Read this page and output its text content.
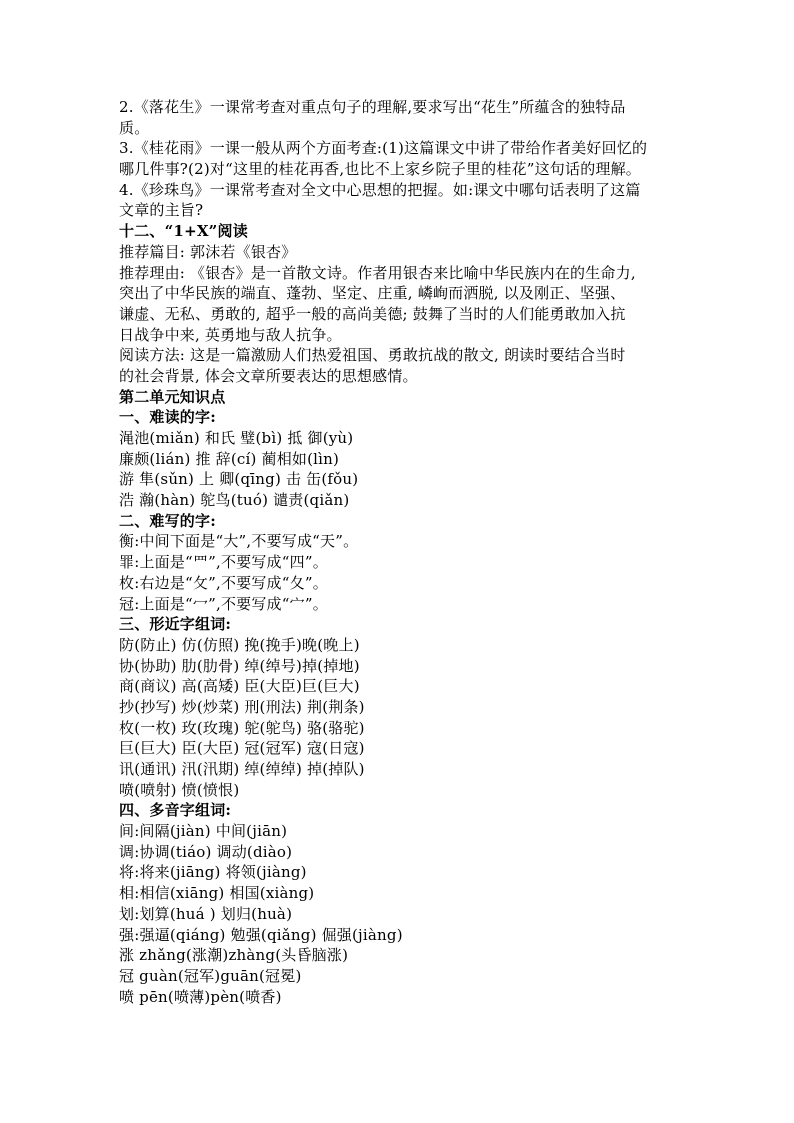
2.《落花生》一课常考查对重点句子的理解,要求写出“花生”所蕴含的独特品
质。
3.《桂花雨》一课一般从两个方面考查:(1)这篇课文中讲了带给作者美好回忆的
哪几件事?(2)对“这里的桂花再香,也比不上家乡院子里的桂花”这句话的理解。
4.《珍珠鸟》一课常考查对全文中心思想的把握。如:课文中哪句话表明了这篇
文章的主旨?
十二、“1+X”阅读
推荐篇目: 郭沫若《银杏》
推荐理由: 《银杏》是一首散文诗。作者用银杏来比喻中华民族内在的生命力,
突出了中华民族的端直、蓬勃、坚定、庄重, 嶙峋而洒脱, 以及刚正、坚强、
谦虚、无私、勇敢的, 超乎一般的高尚美德; 鼓舞了当时的人们能勇敢加入抗
日战争中来, 英勇地与敌人抗争。
阅读方法: 这是一篇激励人们热爱祖国、勇敢抗战的散文, 朗读时要结合当时
的社会背景, 体会文章所要表达的思想感情。
第二单元知识点
一、难读的字:
渑池(miǎn) 和氏 璧(bì) 抵 御(yù)
廉颇(lián) 推 辞(cí) 蔺相如(lìn)
游 隼(sǔn) 上 卿(qīng) 击 缶(fǒu)
浩 瀚(hàn) 鸵鸟(tuó) 谴责(qiǎn)
二、难写的字:
衡:中间下面是“大”,不要写成“天”。
罪:上面是“罒”,不要写成“四”。
枚:右边是“攵”,不要写成“夂”。
冠:上面是“冖”,不要写成“宀”。
三、形近字组词:
防(防止) 仿(仿照) 挽(挽手)晚(晚上)
协(协助) 肋(肋骨) 绰(绰号)掉(掉地)
商(商议) 高(高矮) 臣(大臣)巨(巨大)
抄(抄写) 炒(炒菜) 刑(刑法) 荆(荆条)
枚(一枚) 玫(玫瑰) 鸵(鸵鸟) 骆(骆驼)
巨(巨大) 臣(大臣) 冠(冠军) 寇(日寇)
讯(通讯) 汛(汛期) 绰(绰绰) 掉(掉队)
喷(喷射) 愤(愤恨)
四、多音字组词:
间:间隔(jiàn) 中间(jiān)
调:协调(tiáo) 调动(diào)
将:将来(jiāng) 将领(jiàng)
相:相信(xiāng) 相国(xiàng)
划:划算(huá ) 划归(huà)
强:强逼(qiáng) 勉强(qiǎng) 倔强(jiàng)
涨 zhǎng(涨潮)zhàng(头昏脑涨)
冠 guàn(冠军)guān(冠冕)
喷 pēn(喷薄)pèn(喷香)
